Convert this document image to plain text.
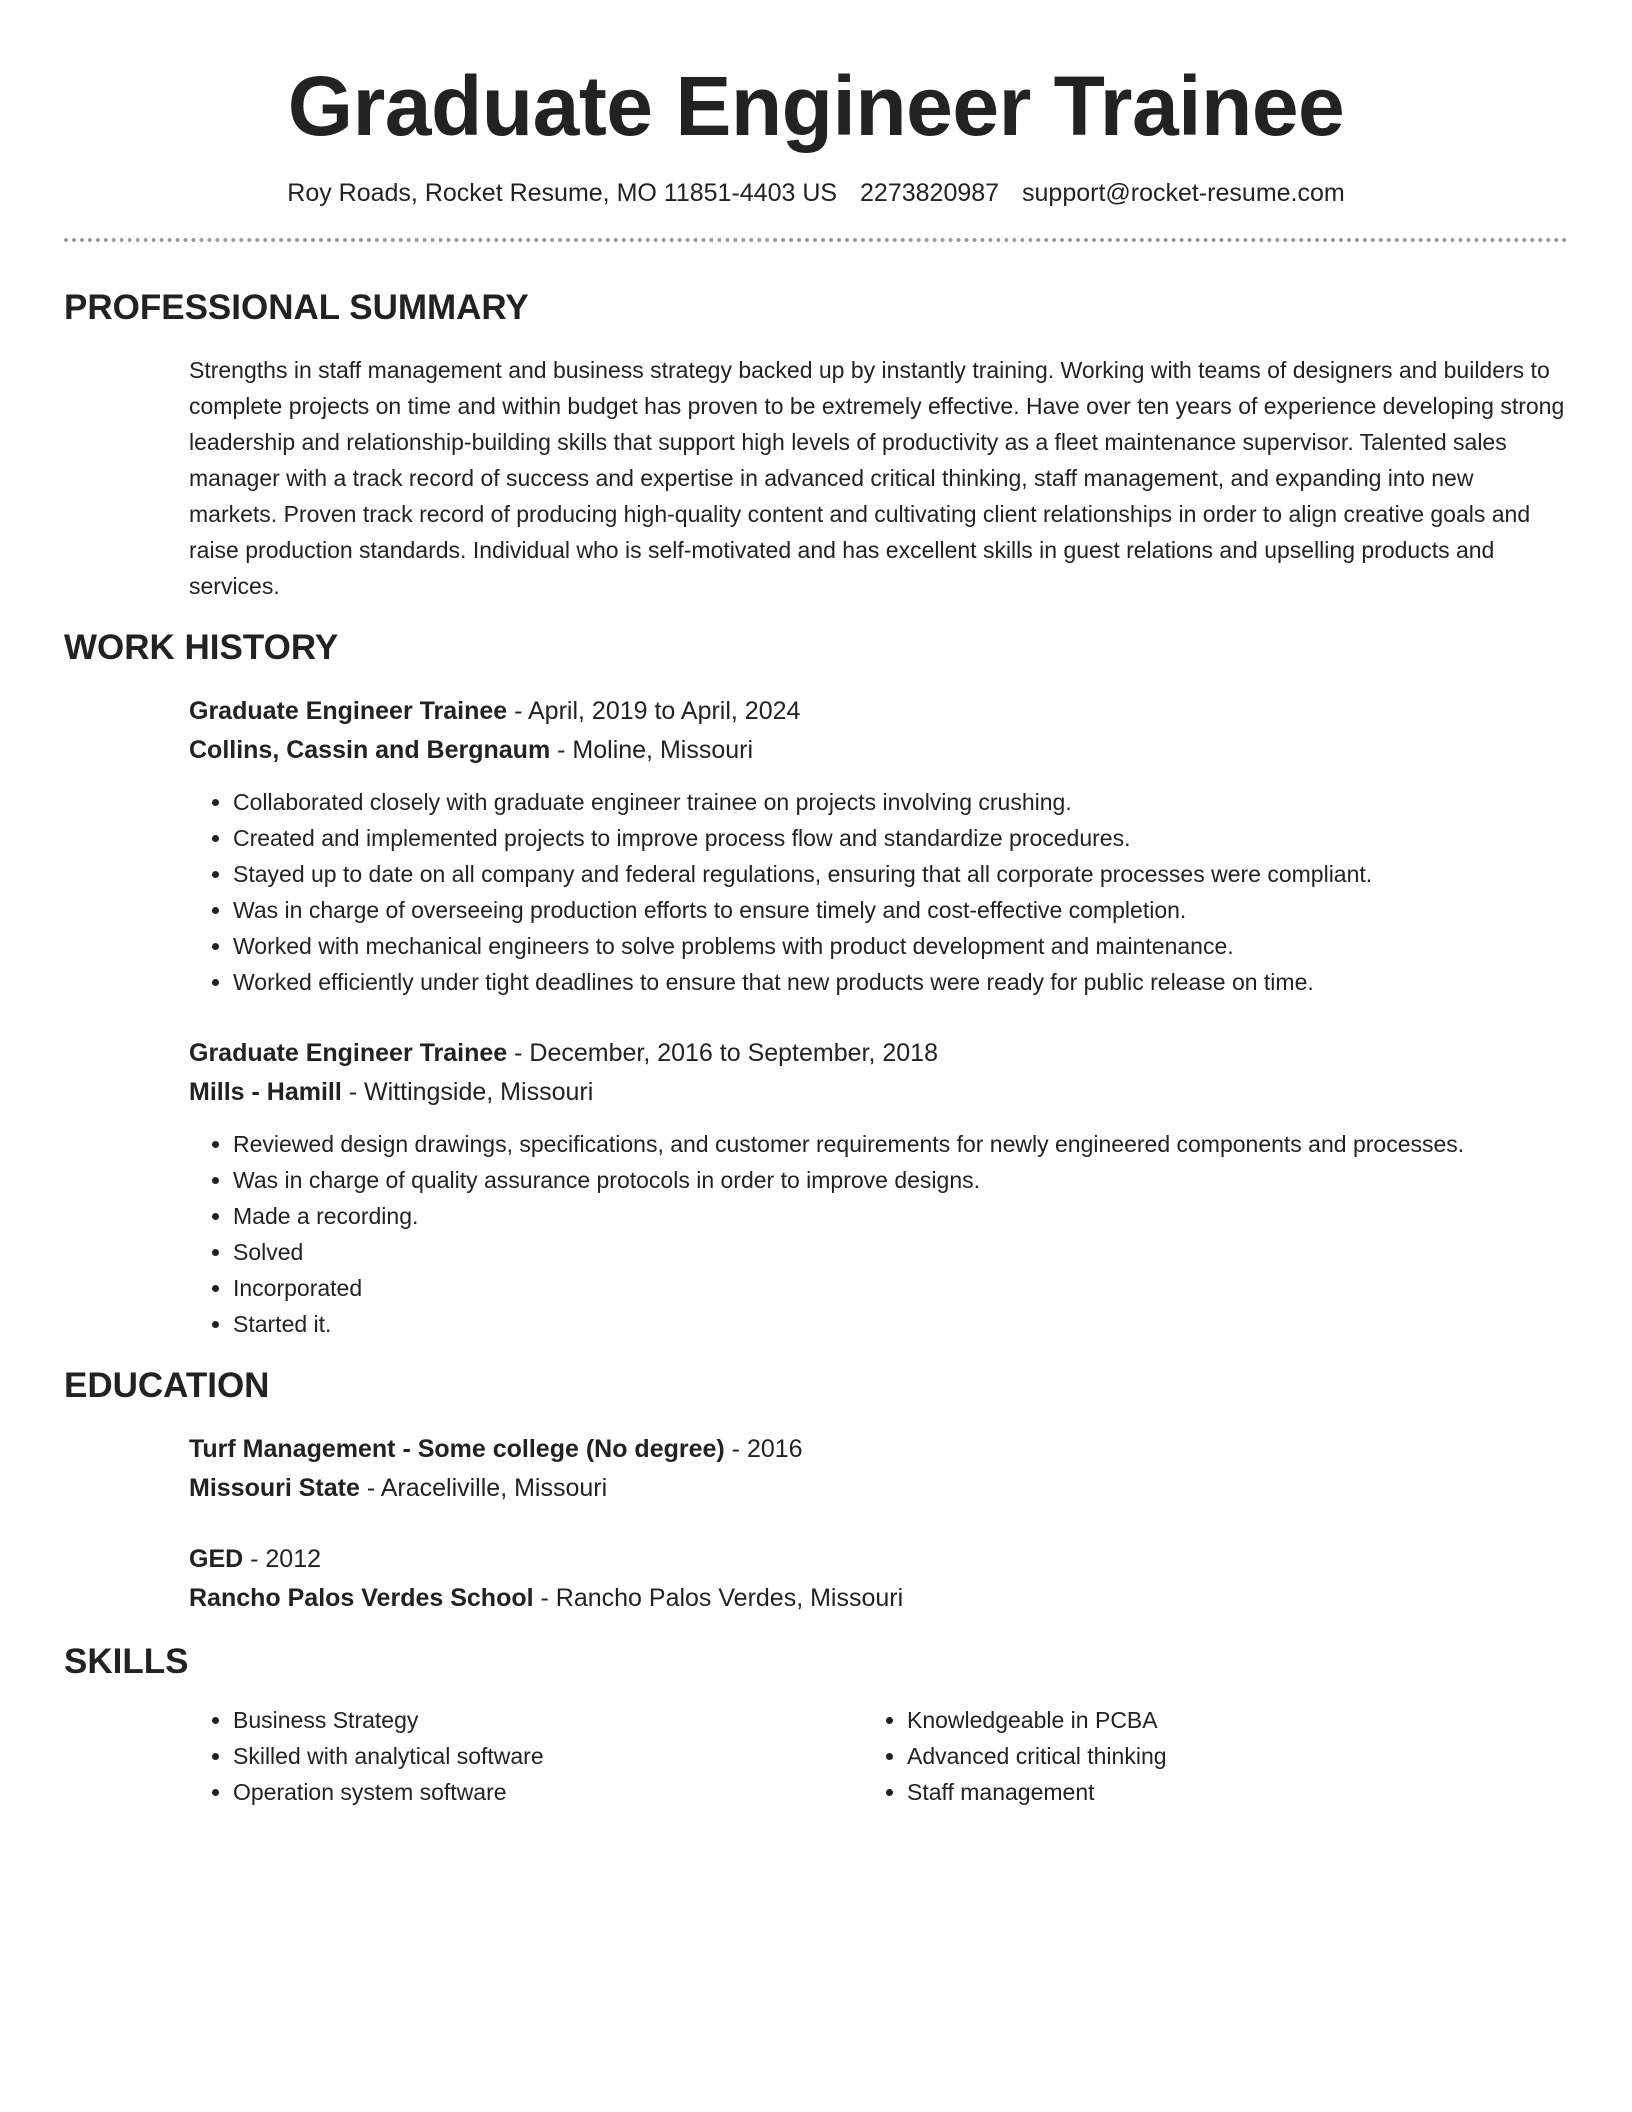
Graduate Engineer Trainee
Roy Roads, Rocket Resume, MO 11851-4403 US 2273820987 support@rocket-resume.com
PROFESSIONAL SUMMARY

Strengths in staff management and business strategy backed up by instantly training. Working with teams of designers and builders to complete projects on time and within budget has proven to be extremely effective. Have over ten years of experience developing strong leadership and relationship-building skills that support high levels of productivity as a fleet maintenance supervisor. Talented sales manager with a track record of success and expertise in advanced critical thinking, staff management, and expanding into new markets. Proven track record of producing high-quality content and cultivating client relationships in order to align creative goals and raise production standards. Individual who is self-motivated and has excellent skills in guest relations and upselling products and services.

WORK HISTORY
Graduate Engineer Trainee - April, 2019 to April, 2024
Collins, Cassin and Bergnaum - Moline, Missouri
• Collaborated closely with graduate engineer trainee on projects involving crushing.
• Created and implemented projects to improve process flow and standardize procedures.
• Stayed up to date on all company and federal regulations, ensuring that all corporate processes were compliant.
• Was in charge of overseeing production efforts to ensure timely and cost-effective completion.
• Worked with mechanical engineers to solve problems with product development and maintenance.
• Worked efficiently under tight deadlines to ensure that new products were ready for public release on time.
Graduate Engineer Trainee - December, 2016 to September, 2018
Mills - Hamill - Wittingside, Missouri
• Reviewed design drawings, specifications, and customer requirements for newly engineered components and processes.
• Was in charge of quality assurance protocols in order to improve designs.
• Made a recording.
• Solved
• Incorporated
• Started it.
EDUCATION
Turf Management - Some college (No degree) - 2016
Missouri State - Araceliville, Missouri
GED - 2012
Rancho Palos Verdes School - Rancho Palos Verdes, Missouri
SKILLS
• Business Strategy
• Skilled with analytical software
• Operation system software
• Knowledgeable in PCBA
• Advanced critical thinking
• Staff management
